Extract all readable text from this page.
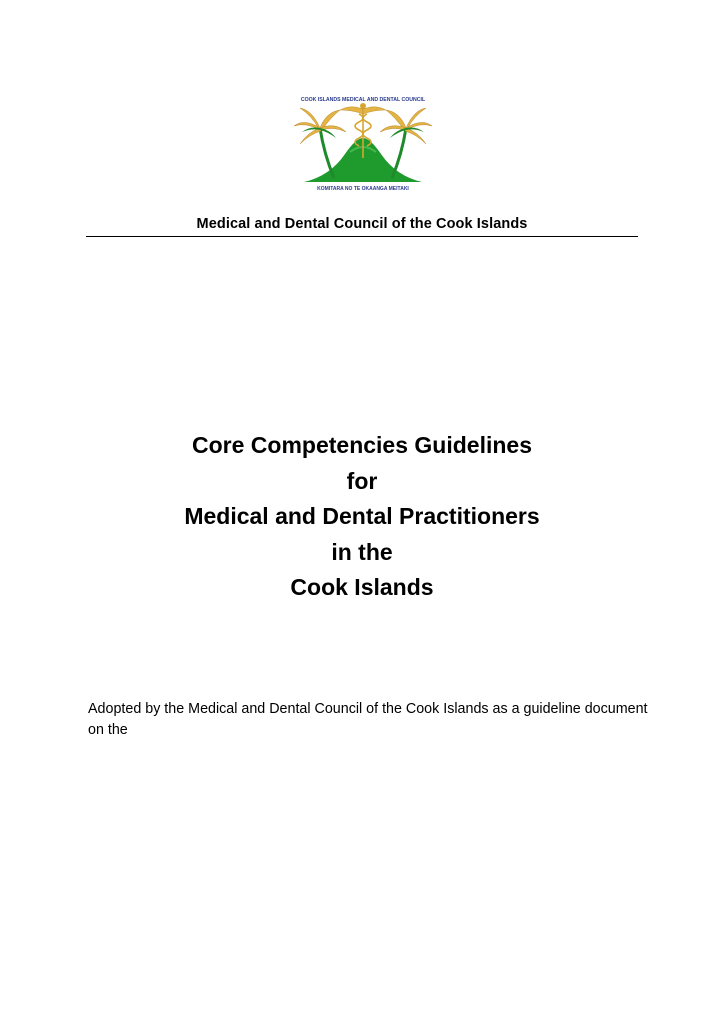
COOK ISLANDS MEDICAL AND DENTAL COUNCIL
KOMITARA NO TE OKAANGA MEITAKI
Medical and Dental Council of the Cook Islands
Core Competencies Guidelines
for
Medical and Dental Practitioners
in the
Cook Islands
Adopted by the Medical and Dental Council of the Cook Islands as a guideline document on the
